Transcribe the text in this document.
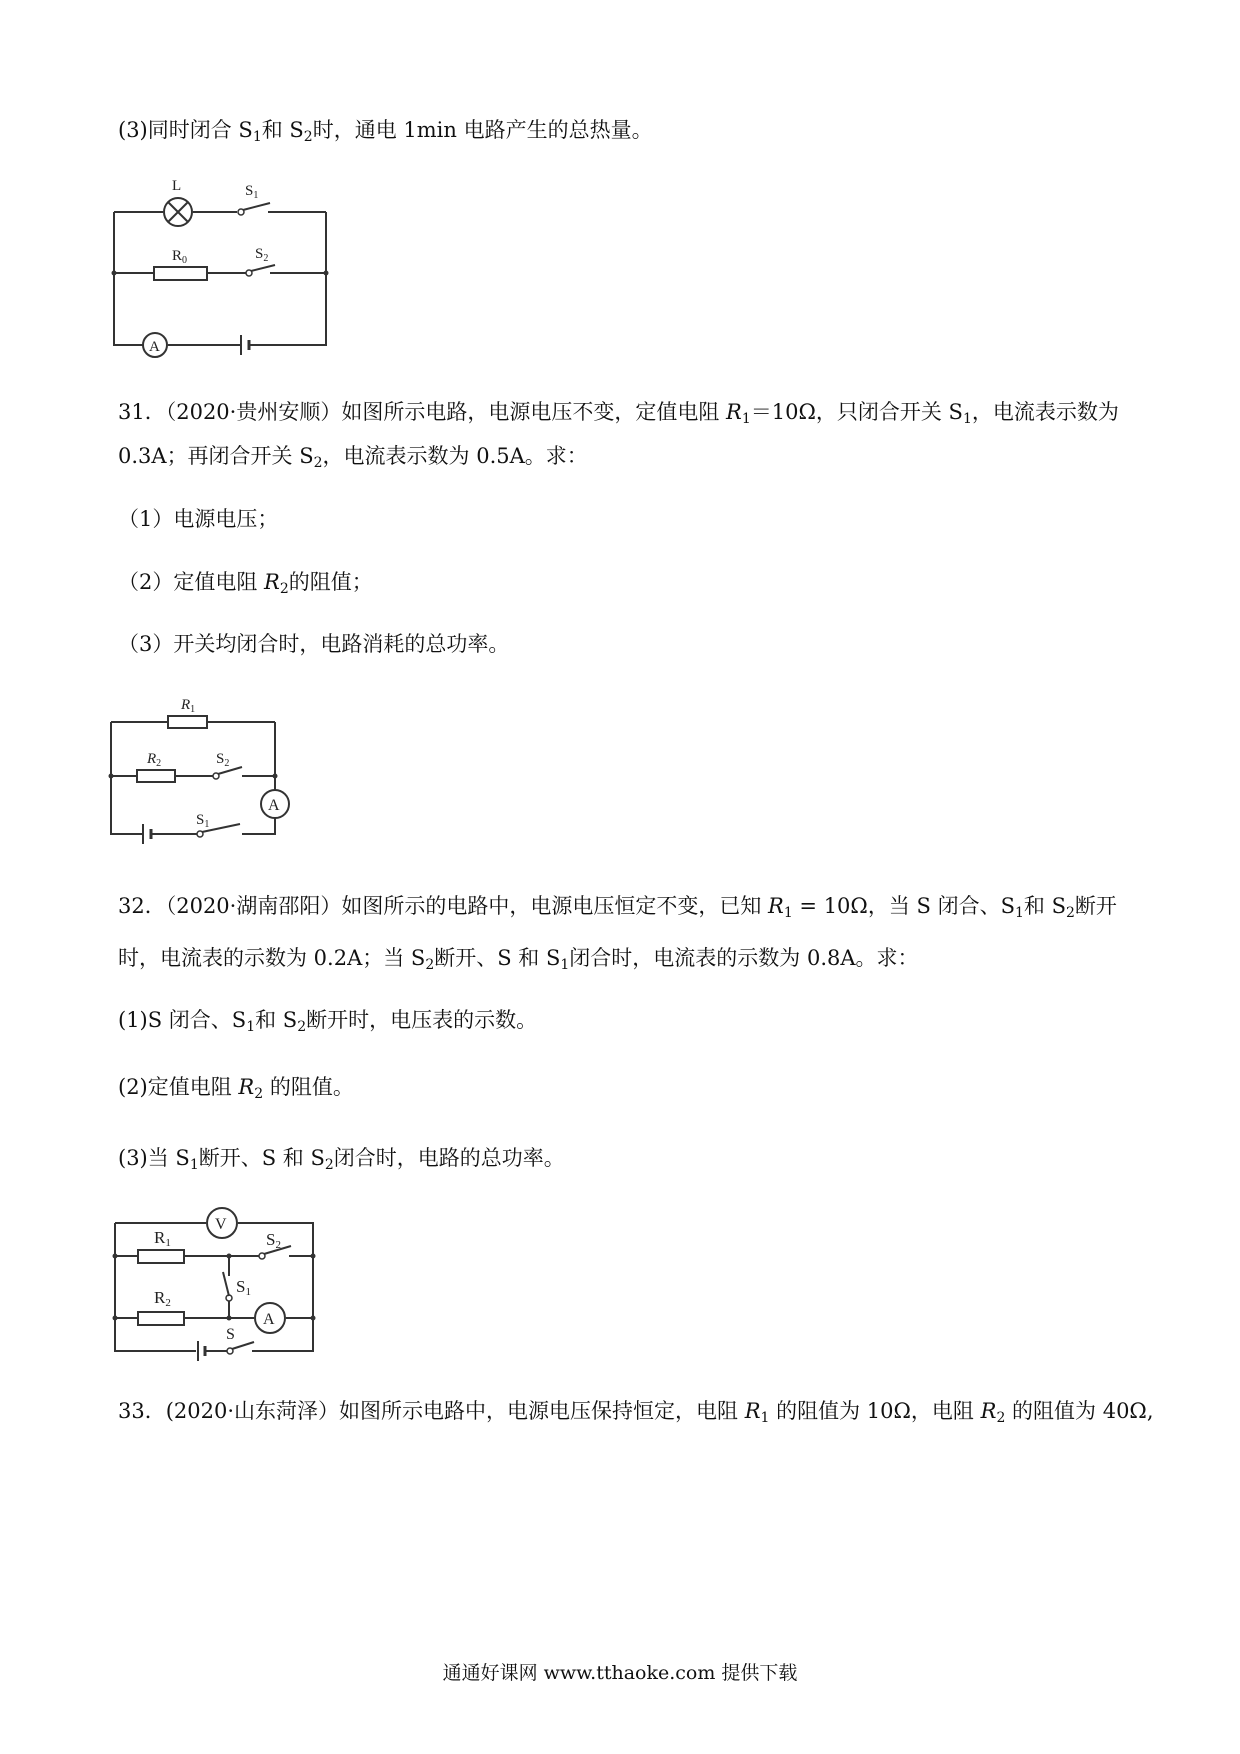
(3)同时闭合 $S_1$和 $S_2$时，通电 1min 电路产生的总热量。
L	$S_1$
$R_0$	$S_2$
A
31．（2020·贵州安顺）如图所示电路，电源电压不变，定值电阻 $R_1=10\Omega$，只闭合开关 $S_1$，电流表示数为
0.3A；再闭合开关 $S_2$，电流表示数为 0.5A。求：
（1）电源电压；
（2）定值电阻 $R_2$的阻值；
（3）开关均闭合时，电路消耗的总功率。
$R_1$
$R_2$	$S_2$
A
$S_1$
32．（2020·湖南邵阳）如图所示的电路中，电源电压恒定不变，已知 $R_1 = 10\Omega$，当 S 闭合、$S_1$和 $S_2$断开
时，电流表的示数为 0.2A；当 $S_2$断开、S 和 $S_1$闭合时，电流表的示数为 0.8A。求：
(1)S 闭合、$S_1$和 $S_2$断开时，电压表的示数。
(2)定值电阻 $R_2$ 的阻值。
(3)当 $S_1$断开、S 和 $S_2$闭合时，电路的总功率。
V
R1	S2
S1
R2
A
S
33．(2020·山东菏泽）如图所示电路中，电源电压保持恒定，电阻 $R_1$ 的阻值为 10Ω，电阻 $R_2$ 的阻值为 40Ω,
通通好课网 www.tthaoke.com 提供下载
